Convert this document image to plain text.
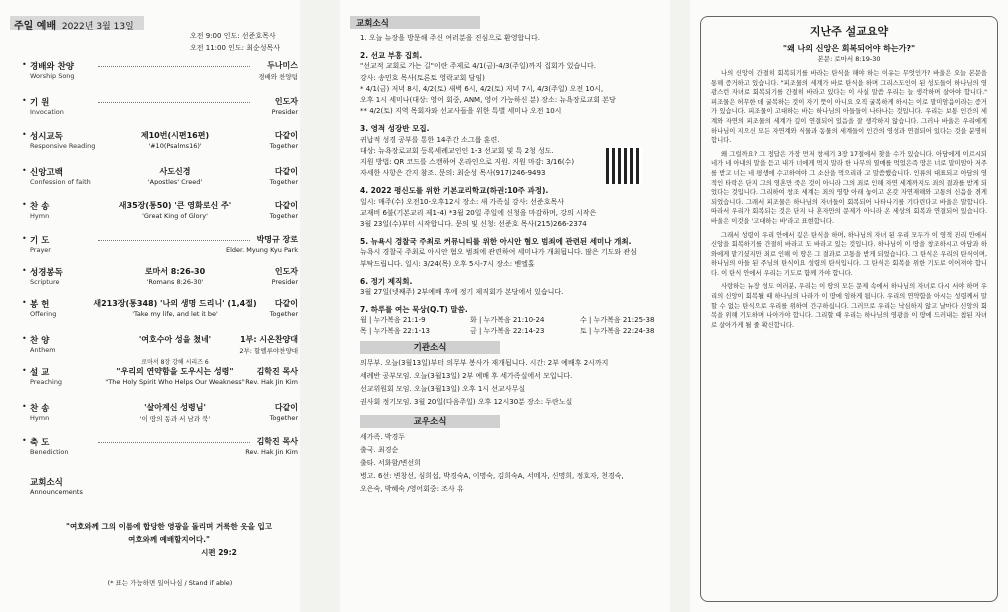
주일 예배 2022년 3월 13일
오전 9:00 인도: 선준호목사
오전 11:00 인도: 최순성목사
• 경배와 찬양
Worship Song
두나미스
경배와 찬양팀
• 기 원
Invocation
인도자
Presider
• 성시교독
Responsive Reading
제10번(시편16편)
'#10(Psalms16)'
다같이
Together
• 신앙고백
Confession of faith
사도신경
'Apostles' Creed'
다같이
Together
• 찬 송
Hymn
새35장(통50) '큰 영화로신 주'
'Great King of Glory'
다같이
Together
• 기 도
Prayer
박명규 장로
Elder. Myung Kyu Park
• 성경봉독
Scripture
로마서 8:26-30
'Romans 8:26-30'
인도자
Presider
• 봉 헌
Offering
새213장(통348) '나의 생명 드리니' (1,4절)
'Take my life, and let it be'
다같이
Together
• 찬 양
Anthem
'여호수아 성을 쳤네'	1부: 시온찬양대
2부: 할렐루야찬양대
• 설 교
Preaching
"우리의 연약함을 도우시는 성령"
"The Holy Spirit Who Helps Our Weakness"
김학진 목사
Rev. Hak Jin Kim
로마서 8장 강해 시리즈 6
• 찬 송
Hymn
'살아계신 성령님'
'이 땅의 동과 서 남과 북'
다같이
Together
• 축 도
Benediction
김학진 목사
Rev. Hak Jin Kim
교회소식
Announcements
"여호와께 그의 이름에 합당한 영광을 돌리며 거룩한 옷을 입고 여호와께 예배할지어다."
시편 29:2
(* 표는 가능하면 일어나심 / Stand if able)
교회소식
1. 오늘 뉴장을 방문해 주신 여러분을 진심으로 환영합니다.
2. 선교 부흥 집회.
"선교적 교회로 가는 길"이란 주제로 4/1(금)-4/3(주일)까지 집회가 있습니다.
강사: 송민호 목사(토론토 영락교회 담임)
* 4/1(금) 저녁 8시, 4/2(토) 새벽 6시, 4/2(토) 저녁 7시, 4/3(주일) 오전 10시,
오후 1시 세미나(대상: 영어 회중, ANM, 영어 가능하신 분) 장소: 뉴욕장로교회 본당
** 4/2(토) 지역 목회자와 선교사들을 위한 특별 세미나 오전 10시
3. 영적 성장반 모집.
귀납적 성경 공부를 통한 14주간 소그룹 훈련.
대상: 뉴욕장로교회 등록세례교인인 1-3 선교회 및 특 2청 성도.
지원 방법: QR 코드를 스캔하여 온라인으로 지원. 지원 마감: 3/16(수)
자세한 사항은 간지 참조. 문의: 최순성 목사(917)246-9493
4. 2022 평신도를 위한 기본교리학교(하권:10주 과정).
일시: 매주(수) 오전10-오후12시 장소: 새 가족실 강사: 선준호목사
교재비 6불(기본교리 제1-4) *3월 20일 주일에 신청을 마감하며, 강의 시작은
3월 23일(수)부터 시작합니다. 문의 및 신청: 선준호 목사(215)266-2374
5. 뉴욕시 경찰국 주최로 커뮤니티를 위한 아시안 혐오 범죄에 관련된 세미나 개최.
뉴욕시 경찰국 주최로 아시안 혐오 범죄에 관련하여 세미나가 개최됩니다. 많은 기도와 관심
부탁드립니다. 일시: 3/24(목) 오후 5시-7시 장소: 벧엘홀
6. 정기 제직회.
3월 27일(넷째주) 2부예배 후에 정기 제직회가 본당에서 있습니다.
7. 하루를 여는 묵상(Q.T) 말씀.
월 | 누가복음 21:1-9	화 | 누가복음 21:10-24	수 | 누가복음 21:25-38
목 | 누가복음 22:1-13	금 | 누가복음 22:14-23	토 | 누가복음 22:24-38
기관소식
의무부. 오늘(3월13일)부터 의무부 봉사가 재개됩니다. 시간: 2부 예배후 2시까지
세례반 공부모임. 오늘(3월13일) 2부 예배 후 세가족실에서 모입니다.
선교위원회 모임. 오늘(3월13일) 오후 1시 선교사무실
권사회 정기모임. 3월 20일(다음주일) 오후 12시30분 장소: 두란노실
교우소식
세가족. 박경두
출국. 최경순
출타. 서화함/변선희
병고. 6선: 변창선, 심희섭, 박경숙A, 이명숙, 김희숙A, 서메자, 신명희, 정호자, 천경숙,
오은숙, 박혜숙 /영어회중: 조사 유
지난주 설교요약
"왜 나의 신앙은 회복되어야 하는가?"
본문: 로마서 8:19-30

나의 신앙이 간절히 회복되기를 바라는 탄식을 해야 하는 이유는 무엇인가? 바울은 오늘 본문을 통해 증거하고 있습니다. "피조물의 세계가 바로 탄식을 하며 그리스도인이 된 성도들이 하나님의 영광스런 자녀로 회복되기를 간절히 바라고 있다는 이 사실 말씀 우리는 늘 생각하며 살아야 합니다." 피조물은 허무한 데 굴복하는 것이 자기 뜻이 아니요 오직 굴복하게 하시는 이로 말미암음이라는 증거가 있습니다. 피조물이 고대하는 바는 하나님의 아들들이 나타나는 것입니다. 우리는 보통 인간의 세계와 자연의 피조물의 세계가 깊이 연결되어 있음을 잘 생각하지 않습니다. 그러나 바울은 우리에게 하나님이 지으신 모든 자연계와 식물과 동물의 세계들이 인간의 영성과 연결되어 있다는 것을 분명히 합니다.

왜 그럴까요? 그 정답은 가장 먼저 창세기 3장 17절에서 찾을 수가 있습니다. 아담에게 이르시되 네가 네 아내의 말을 듣고 내가 너에게 먹지 말라 한 나무의 열매를 먹었은즉 땅은 너로 말미암아 저주를 받고 너는 네 평생에 수고하여야 그 소산을 먹으리라 고 말씀했습니다. 인류의 대표되고 아담의 영적인 타락은 단지 그의 영혼만 죽은 것이 아니라 그의 죄로 인해 자연 세계까지도 죄의 결과를 받게 되었다는 것입니다. 그리하여 창조 세계는 죄의 영향 아래 놓이고 온갖 자연재해와 고통의 신음을 겪게 되었습니다. 그래서 피조물은 하나님의 자녀들이 회복되어 나타나기를 기다린다고 바울은 말합니다. 따라서 우리가 회복되는 것은 단지 나 혼자만의 문제가 아니라 온 세상의 회복과 연결되어 있습니다. 바울은 이것을 '고대하는 바'라고 표현합니다.

그래서 성령이 우리 안에서 깊은 탄식을 하며, 하나님의 자녀 된 우리 모두가 이 영적 진리 안에서 신앙을 회복하기를 간절히 바라고 도 바라고 있는 것입니다. 하나님이 이 땅을 창조하시고 아담과 하와에게 맡기셨지만 죄로 인해 이 땅은 그 결과로 고통을 받게 되었습니다. 그 탄식은 우리의 탄식이며, 하나님의 아들 된 주님의 탄식이요 성령의 탄식입니다. 그 탄식은 회복을 위한 기도로 이어져야 합니다. 이 탄식 안에서 우리는 기도로 함께 가야 합니다.

사랑하는 뉴장 성도 여러분, 우리는 이 땅의 모든 문제 속에서 하나님의 자녀로 다시 서야 하며 우리의 신앙이 회복될 때 하나님의 나라가 이 땅에 임하게 됩니다. 우리의 연약함을 아시는 성령께서 말할 수 없는 탄식으로 우리를 위하여 간구하십니다. 그러므로 우리는 낙심하지 않고 날마다 신앙의 회복을 위해 기도하며 나아가야 합니다. 그리할 때 우리는 하나님의 영광을 이 땅에 드러내는 참된 자녀로 살아가게 될 줄 확신합니다.
